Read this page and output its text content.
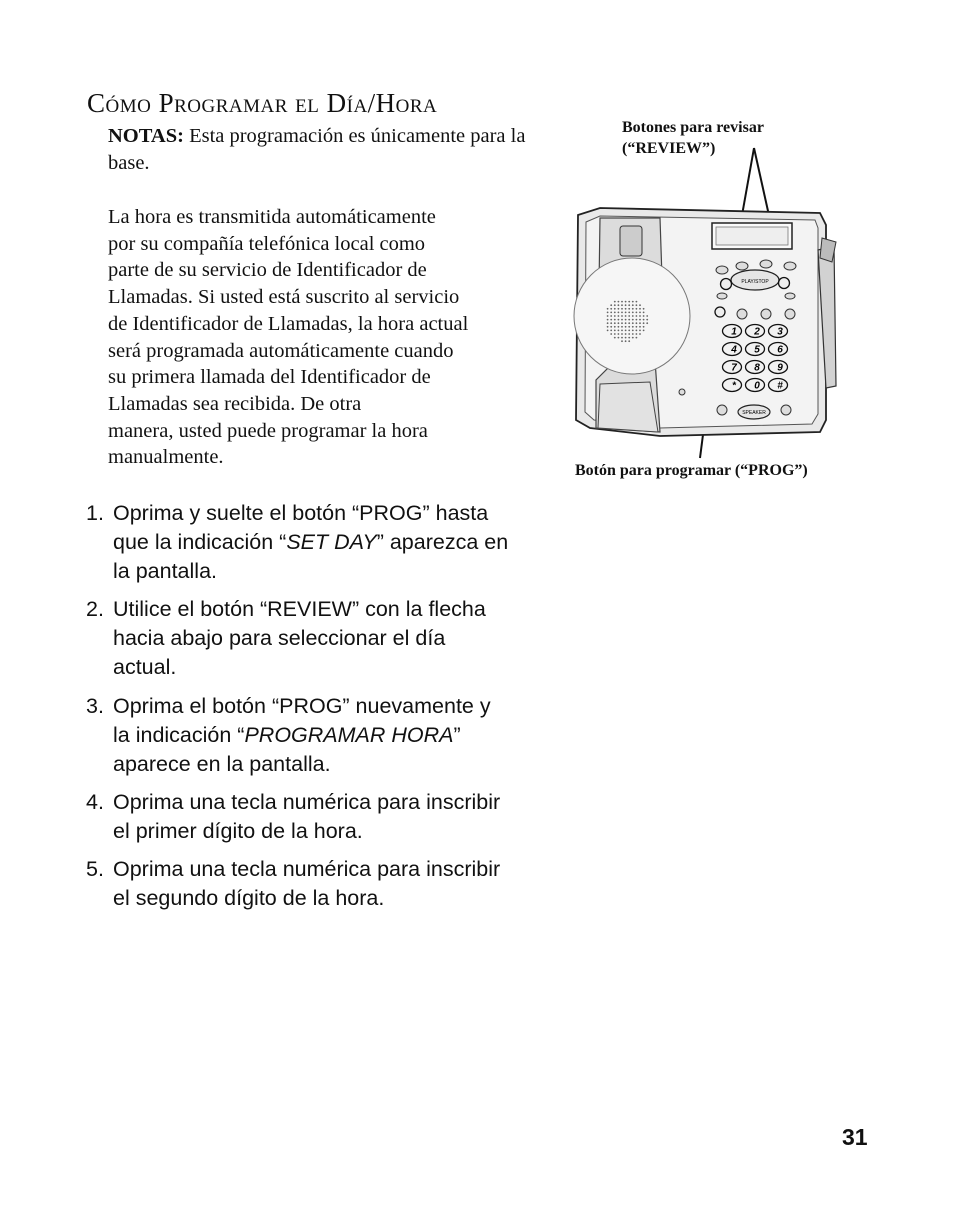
Cómo Programar el Día/Hora

NOTAS: Esta programación es únicamente para la base.

La hora es transmitida automáticamente
por su compañía telefónica local como
parte de su servicio de Identificador de
Llamadas. Si usted está suscrito al servicio
de Identificador de Llamadas, la hora actual
será programada automáticamente cuando
su primera llamada del Identificador de
Llamadas sea recibida. De otra
manera, usted puede programar la hora
manualmente.

1. Oprima y suelte el botón “PROG” hasta
que la indicación “SET DAY” aparezca en
la pantalla.
2. Utilice el botón “REVIEW” con la flecha
hacia abajo para seleccionar el día
actual.
3. Oprima el botón “PROG” nuevamente y
la indicación “PROGRAMAR HORA”
aparece en la pantalla.
4. Oprima una tecla numérica para inscribir
el primer dígito de la hora.
5. Oprima una tecla numérica para inscribir
el segundo dígito de la hora.
Botones para revisar
(“REVIEW”)
Botón para programar (“PROG”)
PLAY/STOP
1 2 3
4 5 6
7 8 9
* 0 #
SPEAKER
31
